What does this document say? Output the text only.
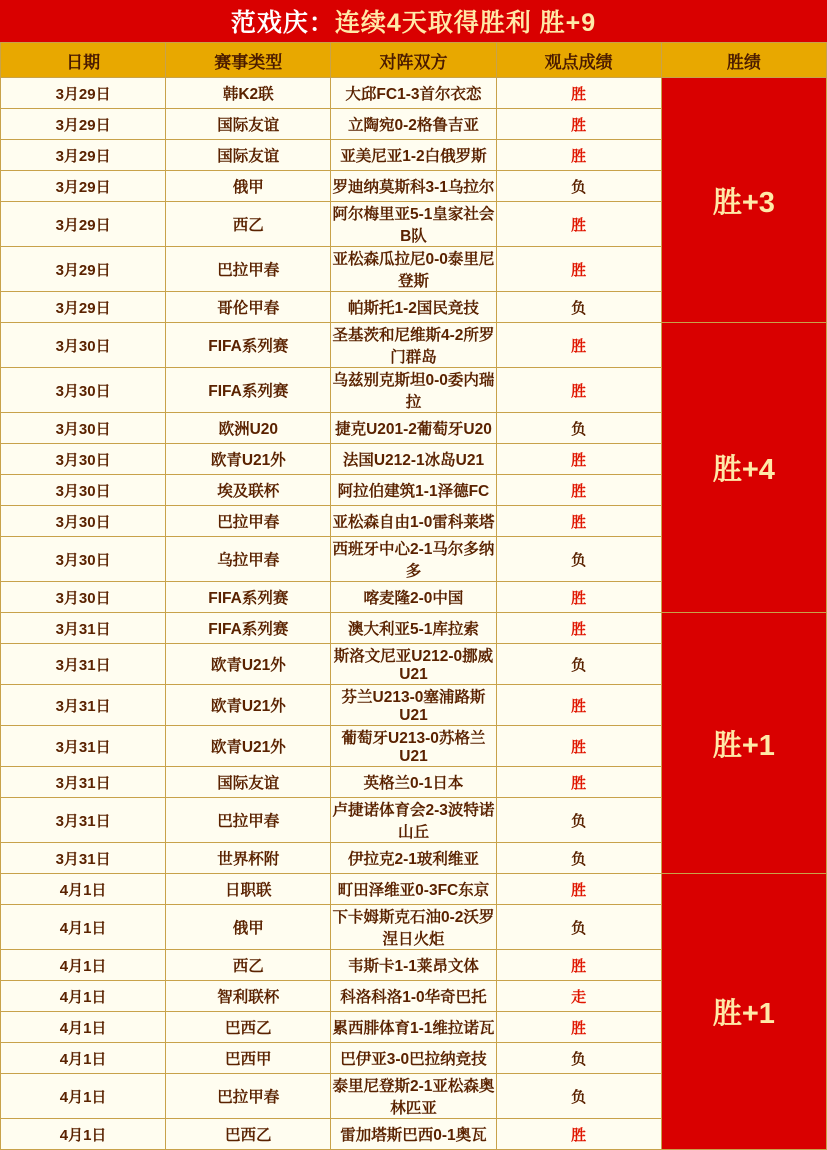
范戏庆： 连续4天取得胜利 胜+9
日期	赛事类型	对阵双方	观点成绩	胜绩
3月29日	韩K2联	大邱FC1-3首尔衣恋	胜	胜+3
3月29日	国际友谊	立陶宛0-2格鲁吉亚	胜	
3月29日	国际友谊	亚美尼亚1-2白俄罗斯	胜	
3月29日	俄甲	罗迪纳莫斯科3-1乌拉尔	负	
3月29日	西乙	阿尔梅里亚5-1皇家社会B队	胜	
3月29日	巴拉甲春	亚松森瓜拉尼0-0泰里尼登斯	胜	
3月29日	哥伦甲春	帕斯托1-2国民竞技	负	
3月30日	FIFA系列赛	圣基茨和尼维斯4-2所罗门群岛	胜	胜+4
3月30日	FIFA系列赛	乌兹别克斯坦0-0委内瑞拉	胜	
3月30日	欧洲U20	捷克U201-2葡萄牙U20	负	
3月30日	欧青U21外	法国U212-1冰岛U21	胜	
3月30日	埃及联杯	阿拉伯建筑1-1泽德FC	胜	
3月30日	巴拉甲春	亚松森自由1-0雷科莱塔	胜	
3月30日	乌拉甲春	西班牙中心2-1马尔多纳多	负	
3月30日	FIFA系列赛	喀麦隆2-0中国	胜	
3月31日	FIFA系列赛	澳大利亚5-1库拉索	胜	胜+1
3月31日	欧青U21外	斯洛文尼亚U212-0挪威U21	负	
3月31日	欧青U21外	芬兰U213-0塞浦路斯U21	胜	
3月31日	欧青U21外	葡萄牙U213-0苏格兰U21	胜	
3月31日	国际友谊	英格兰0-1日本	胜	
3月31日	巴拉甲春	卢捷诺体育会2-3波特诺山丘	负	
3月31日	世界杯附	伊拉克2-1玻利维亚	负	
4月1日	日职联	町田泽维亚0-3FC东京	胜	胜+1
4月1日	俄甲	下卡姆斯克石油0-2沃罗涅日火炬	负	
4月1日	西乙	韦斯卡1-1莱昂文体	胜	
4月1日	智利联杯	科洛科洛1-0华奇巴托	走	
4月1日	巴西乙	累西腓体育1-1维拉诺瓦	胜	
4月1日	巴西甲	巴伊亚3-0巴拉纳竞技	负	
4月1日	巴拉甲春	泰里尼登斯2-1亚松森奥林匹亚	负	
4月1日	巴西乙	雷加塔斯巴西0-1奥瓦	胜	
